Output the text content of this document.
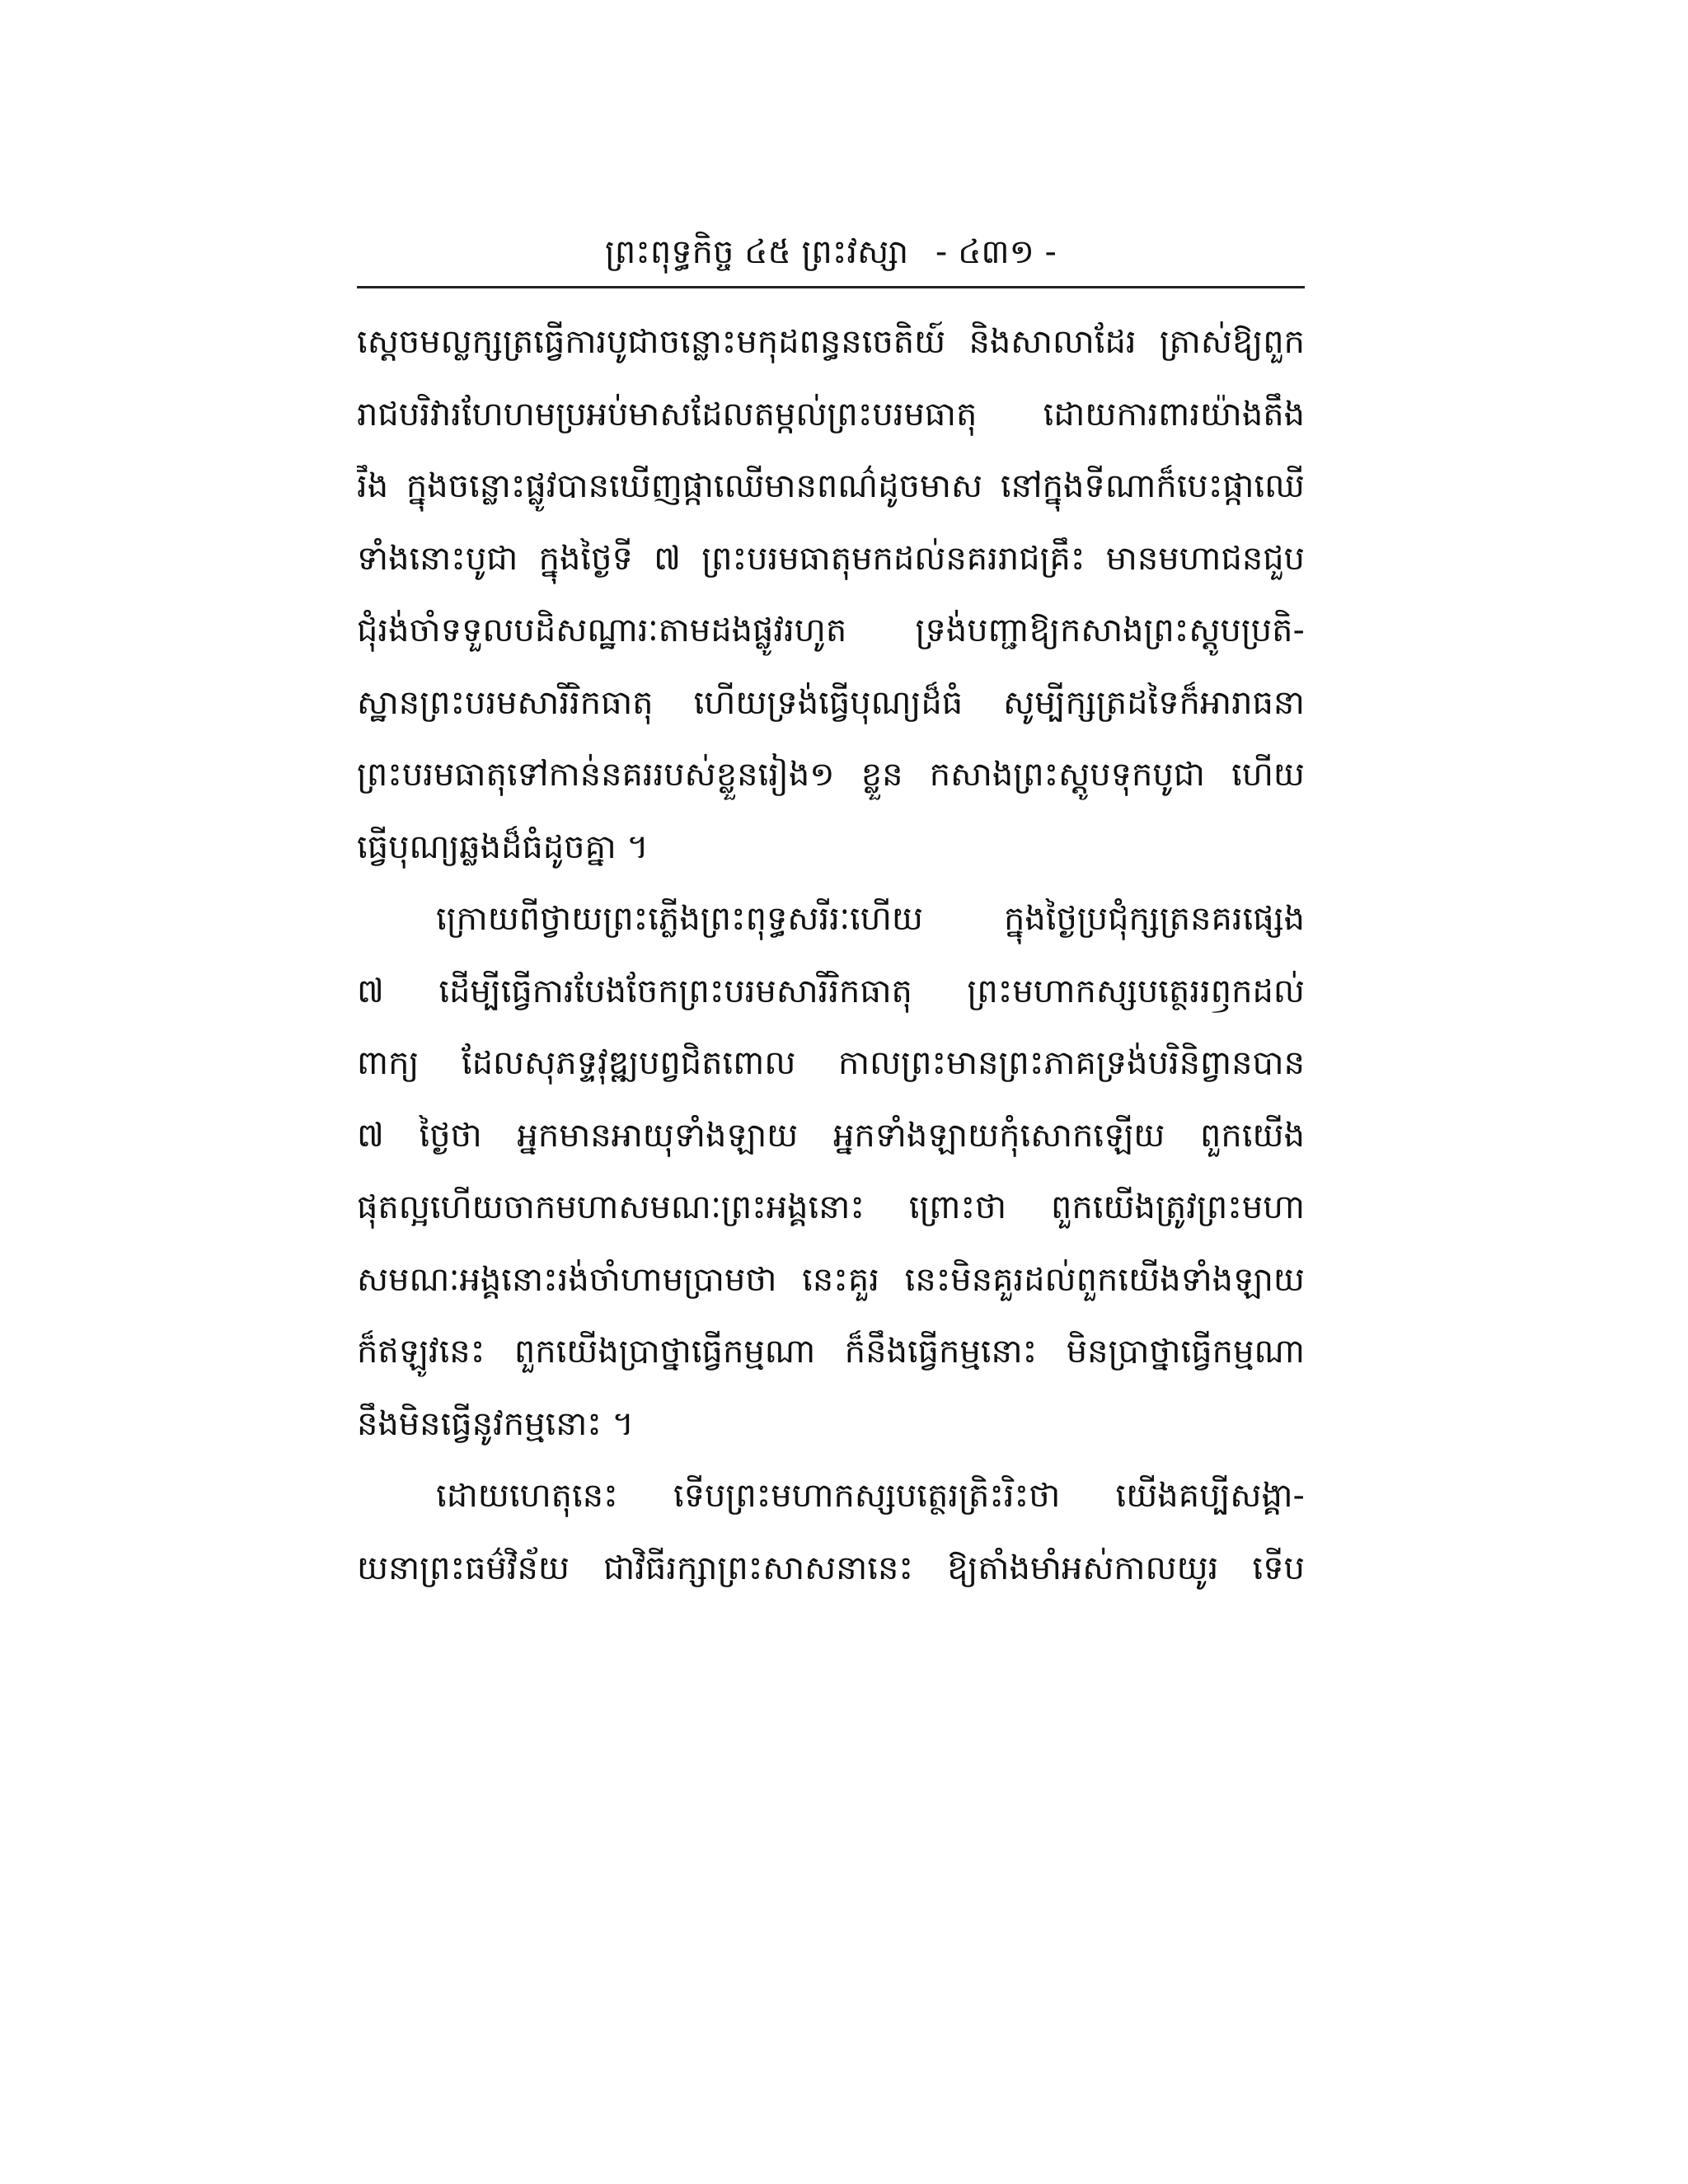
ព្រះពុទ្ធកិច្ច ៤៥ ព្រះវស្សា - ៤៣១ -
ស្តេចមល្លក្សត្រធ្វើការបូជាចន្លោះមកុដពន្ធនចេតិយ៍ និងសាលាដែរ ត្រាស់ឱ្យពួក
រាជបរិវារហែហមប្រអប់មាសដែលតម្កល់ព្រះបរមធាតុ ដោយការពារយ៉ាងតឹង
រឹង ក្នុងចន្លោះផ្លូវបានឃើញផ្កាឈើមានពណ៌ដូចមាស នៅក្នុងទីណាក៏បេះផ្កាឈើ
ទាំងនោះបូជា ក្នុងថ្ងៃទី ៧ ព្រះបរមធាតុមកដល់នគររាជគ្រឹះ មានមហាជនជួប
ជុំរង់ចាំទទួលបដិសណ្ឋារៈតាមដងផ្លូវរហូត ទ្រង់បញ្ជាឱ្យកសាងព្រះស្តូបប្រតិ-
ស្ឋានព្រះបរមសារីរិកធាតុ ហើយទ្រង់ធ្វើបុណ្យដ៏ធំ សូម្បីក្សត្រដទៃក៏អារាធនា
ព្រះបរមធាតុទៅកាន់នគររបស់ខ្លួនរៀង១ ខ្លួន កសាងព្រះស្តូបទុកបូជា ហើយ
ធ្វើបុណ្យឆ្លងដ៏ធំដូចគ្នា ។
ក្រោយពីថ្វាយព្រះភ្លើងព្រះពុទ្ធសរីរៈហើយ ក្នុងថ្ងៃប្រជុំក្សត្រនគរផ្សេង
៧ ដើម្បីធ្វើការបែងចែកព្រះបរមសារីរិកធាតុ ព្រះមហាកស្សបត្ថេររឭកដល់
ពាក្យ ដែលសុភទ្ទវុឌ្ឍបព្វជិតពោល កាលព្រះមានព្រះភាគទ្រង់បរិនិព្វានបាន
៧ ថ្ងៃថា អ្នកមានអាយុទាំងឡាយ អ្នកទាំងឡាយកុំសោកឡើយ ពួកយើង
ផុតល្អហើយចាកមហាសមណៈព្រះអង្គនោះ ព្រោះថា ពួកយើងត្រូវព្រះមហា
សមណៈអង្គនោះរង់ចាំហាមប្រាមថា នេះគួរ នេះមិនគួរដល់ពួកយើងទាំងឡាយ
ក៏ឥឡូវនេះ ពួកយើងប្រាថ្នាធ្វើកម្មណា ក៏នឹងធ្វើកម្មនោះ មិនប្រាថ្នាធ្វើកម្មណា
នឹងមិនធ្វើនូវកម្មនោះ ។
ដោយហេតុនេះ ទើបព្រះមហាកស្សបត្ថេរត្រិះរិះថា យើងគប្បីសង្គា-
យនាព្រះធម៌វិន័យ ជាវិធីរក្សាព្រះសាសនានេះ ឱ្យតាំងមាំអស់កាលយូរ ទើប
